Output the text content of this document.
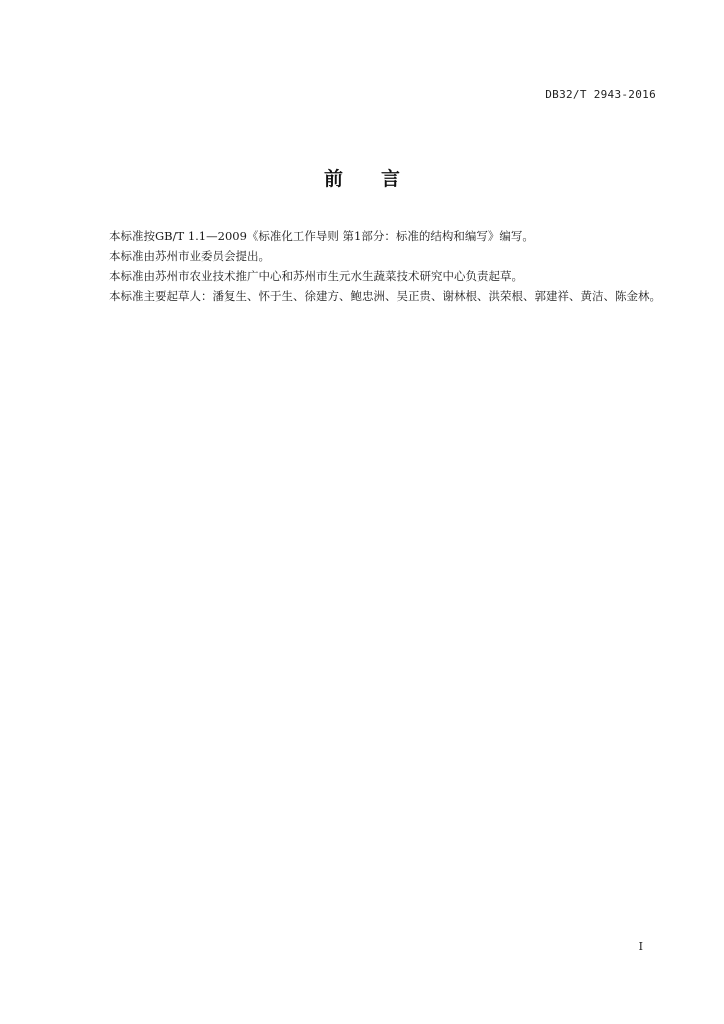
DB32/T 2943-2016
前 言

本标准按GB/T 1.1—2009《标准化工作导则 第1部分：标准的结构和编写》编写。

本标准由苏州市业委员会提出。

本标准由苏州市农业技术推广中心和苏州市生元水生蔬菜技术研究中心负责起草。

本标准主要起草人：潘复生、怀于生、徐建方、鲍忠洲、吴正贵、谢林根、洪荣根、郭建祥、黄洁、陈金林。

I
